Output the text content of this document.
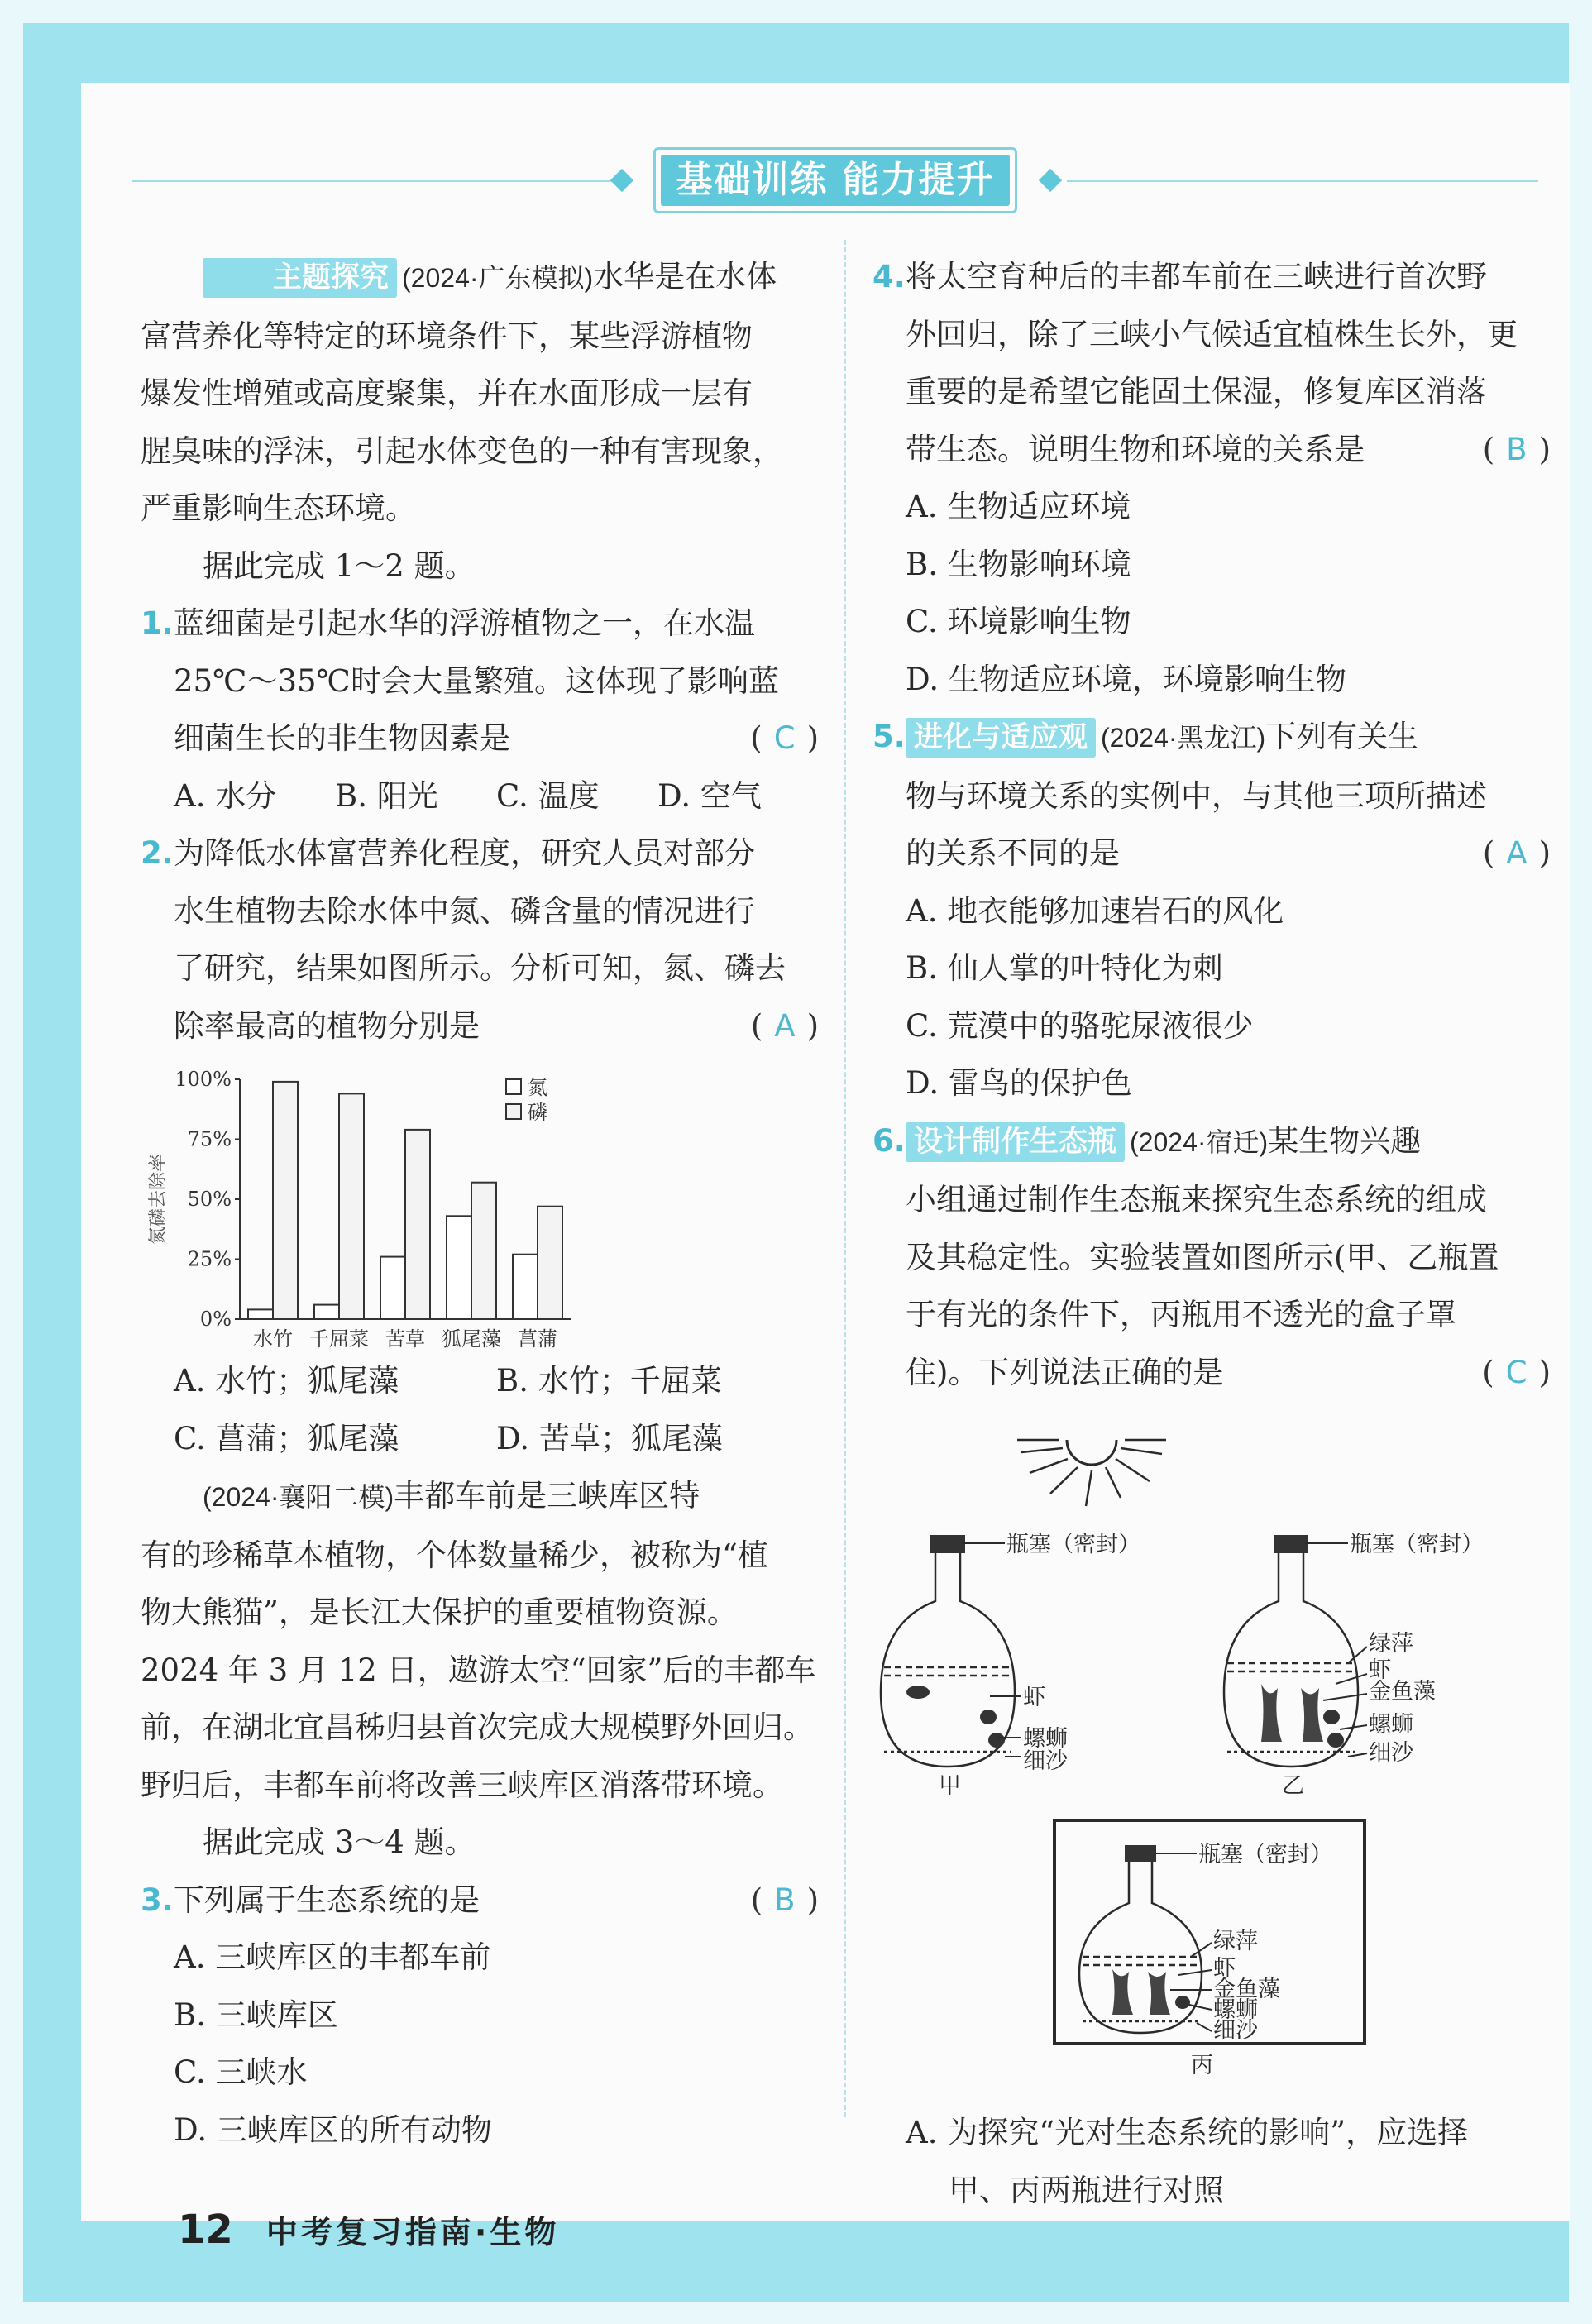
基础训练 能力提升

主题探究 (2024·广东模拟)水华是在水体

富营养化等特定的环境条件下，某些浮游植物

爆发性增殖或高度聚集，并在水面形成一层有

腥臭味的浮沫，引起水体变色的一种有害现象，

严重影响生态环境。

据此完成 1～2 题。

1. 蓝细菌是引起水华的浮游植物之一，在水温

25℃～35℃时会大量繁殖。这体现了影响蓝

细菌生长的非生物因素是	( C )

A. 水分	B. 阳光	C. 温度	D. 空气
2. 为降低水体富营养化程度，研究人员对部分

水生植物去除水体中氮、磷含量的情况进行

了研究，结果如图所示。分析可知，氮、磷去

除率最高的植物分别是	( A )

氮磷去除率
0%
25%
50%
75%
100%
水竹 千屈菜 苦草 狐尾藻 菖蒲
氮
磷
A. 水竹；狐尾藻	B. 水竹；千屈菜
C. 菖蒲；狐尾藻	D. 苦草；狐尾藻

(2024·襄阳二模)丰都车前是三峡库区特

有的珍稀草本植物，个体数量稀少，被称为“植

物大熊猫”，是长江大保护的重要植物资源。

2024 年 3 月 12 日，遨游太空“回家”后的丰都车

前，在湖北宜昌秭归县首次完成大规模野外回归。

野归后，丰都车前将改善三峡库区消落带环境。

据此完成 3～4 题。

3. 下列属于生态系统的是	( B )

A. 三峡库区的丰都车前

B. 三峡库区

C. 三峡水

D. 三峡库区的所有动物

4. 将太空育种后的丰都车前在三峡进行首次野

外回归，除了三峡小气候适宜植株生长外，更

重要的是希望它能固土保湿，修复库区消落

带生态。说明生物和环境的关系是	( B )

A. 生物适应环境

B. 生物影响环境

C. 环境影响生物

D. 生物适应环境，环境影响生物

5. 进化与适应观 (2024·黑龙江)下列有关生

物与环境关系的实例中，与其他三项所描述

的关系不同的是	( A )

A. 地衣能够加速岩石的风化

B. 仙人掌的叶特化为刺

C. 荒漠中的骆驼尿液很少

D. 雷鸟的保护色

6. 设计制作生态瓶 (2024·宿迁)某生物兴趣

小组通过制作生态瓶来探究生态系统的组成

及其稳定性。实验装置如图所示(甲、乙瓶置

于有光的条件下，丙瓶用不透光的盒子罩

住)。下列说法正确的是	( C )

瓶塞（密封）
虾
螺蛳
细沙
甲
瓶塞（密封）
绿萍
虾
金鱼藻
螺蛳
细沙
乙
瓶塞（密封）
绿萍
虾
金鱼藻
螺蛳
细沙
丙

A. 为探究“光对生态系统的影响”，应选择

甲、丙两瓶进行对照

12 中考复习指南·生物
